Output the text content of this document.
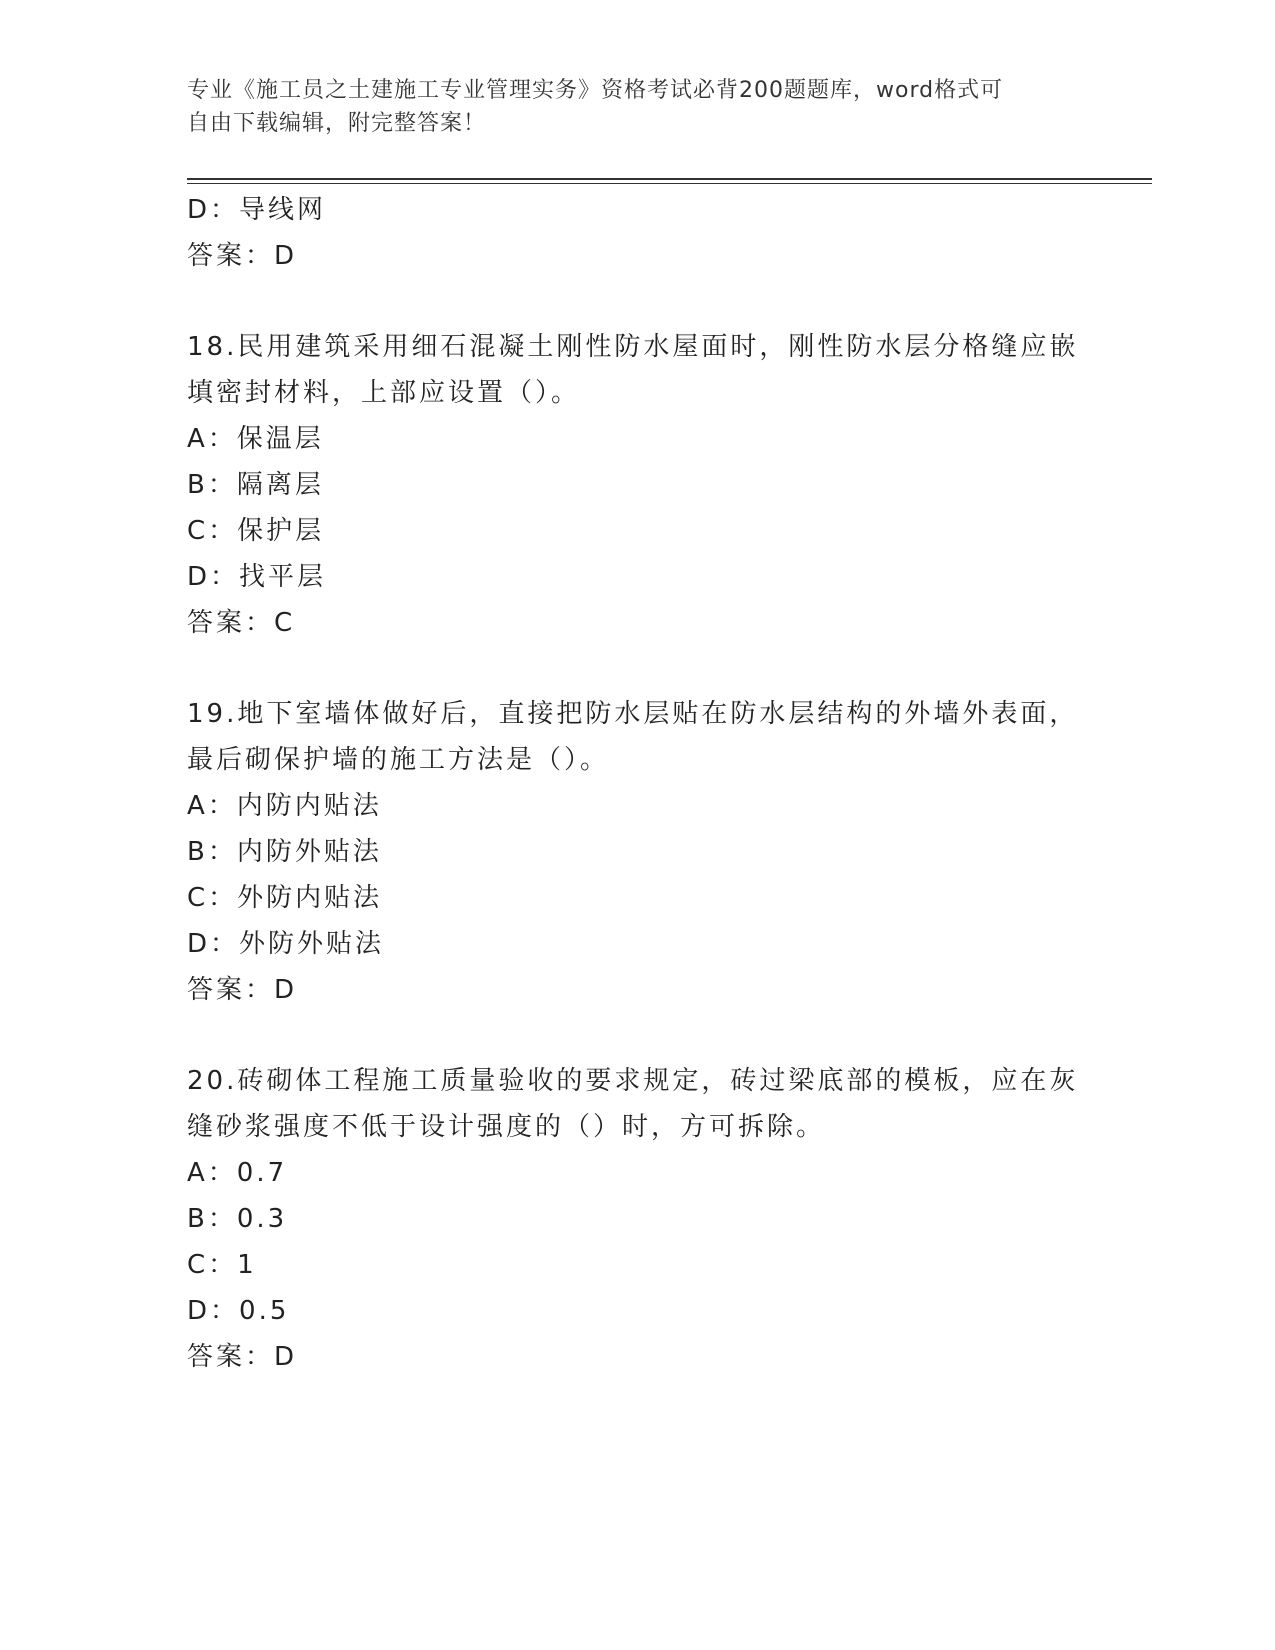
专业《施工员之土建施工专业管理实务》资格考试必背200题题库，word格式可
自由下载编辑，附完整答案！
D：导线网
答案：D
18.民用建筑采用细石混凝土刚性防水屋面时，刚性防水层分格缝应嵌
填密封材料，上部应设置（）。
A：保温层
B：隔离层
C：保护层
D：找平层
答案：C
19.地下室墙体做好后，直接把防水层贴在防水层结构的外墙外表面，
最后砌保护墙的施工方法是（）。
A：内防内贴法
B：内防外贴法
C：外防内贴法
D：外防外贴法
答案：D
20.砖砌体工程施工质量验收的要求规定，砖过梁底部的模板，应在灰
缝砂浆强度不低于设计强度的（）时，方可拆除。
A：0.7
B：0.3
C：1
D：0.5
答案：D
